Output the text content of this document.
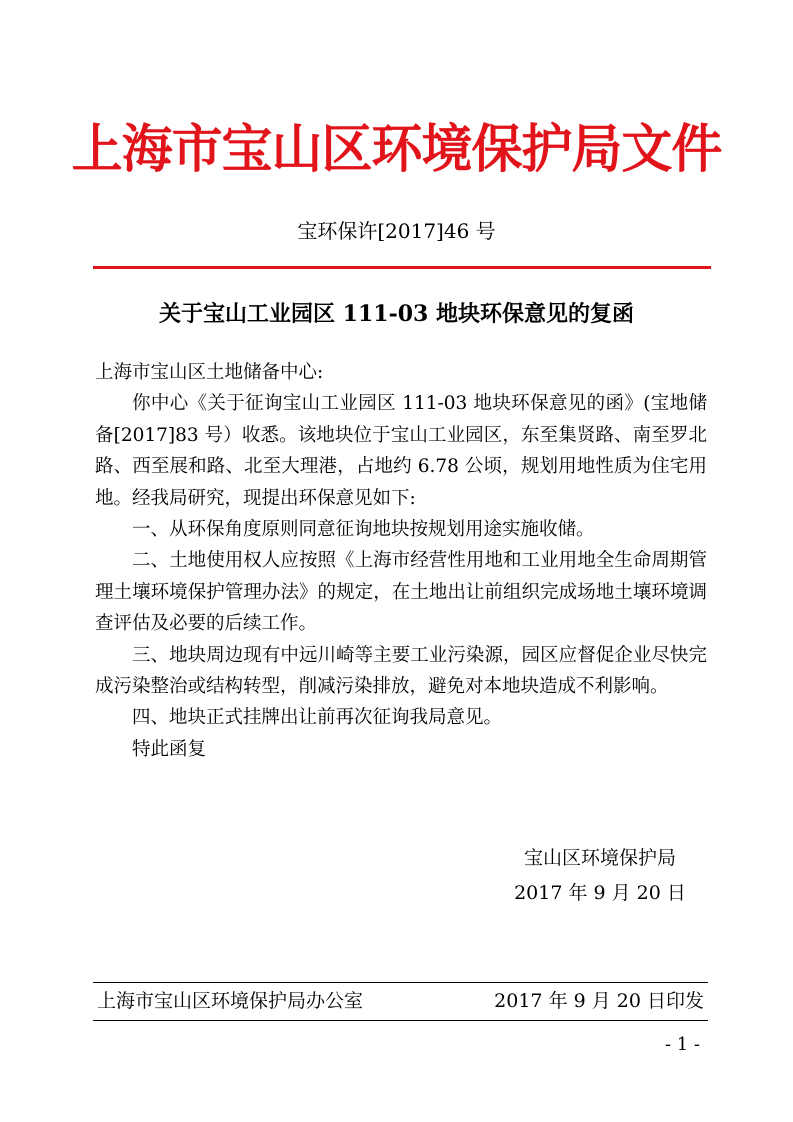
上海市宝山区环境保护局文件
宝环保许[2017]46 号
关于宝山工业园区 111-03 地块环保意见的复函

上海市宝山区土地储备中心:

你中心《关于征询宝山工业园区 111-03 地块环保意见的函》(宝地储备[2017]83 号）收悉。该地块位于宝山工业园区，东至集贤路、南至罗北路、西至展和路、北至大理港，占地约 6.78 公顷，规划用地性质为住宅用地。经我局研究，现提出环保意见如下:

一、从环保角度原则同意征询地块按规划用途实施收储。

二、土地使用权人应按照《上海市经营性用地和工业用地全生命周期管理土壤环境保护管理办法》的规定，在土地出让前组织完成场地土壤环境调查评估及必要的后续工作。

三、地块周边现有中远川崎等主要工业污染源，园区应督促企业尽快完成污染整治或结构转型，削减污染排放，避免对本地块造成不利影响。

四、地块正式挂牌出让前再次征询我局意见。

特此函复

宝山区环境保护局
2017 年 9 月 20 日
上海市宝山区环境保护局办公室	2017 年 9 月 20 日印发
- 1 -
